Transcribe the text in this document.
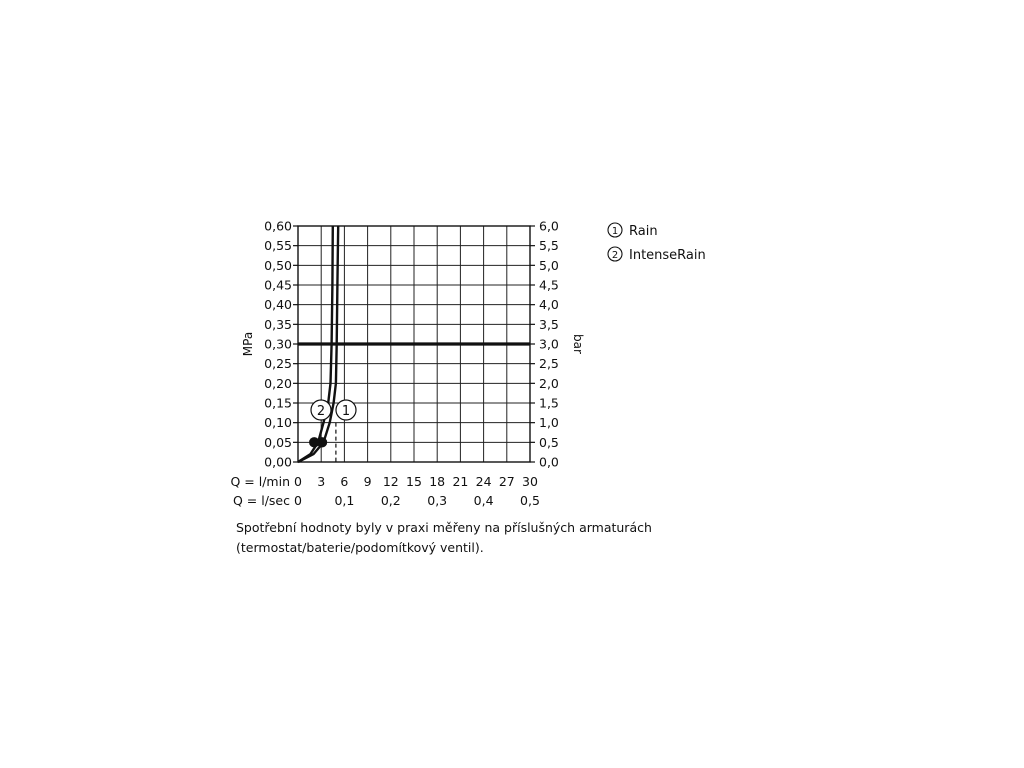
1
2
0,00	0,0
0,05	0,5
0,10	1,0
0,15	1,5
0,20	2,0
0,25	2,5
0,30	3,0
0,35	3,5
0,40	4,0
0,45	4,5
0,50	5,0
0,55	5,5
0,60	6,0
MPa	bar
Q = l/min 0 3 6 9 12 15 18 21 24 27 30
Q = l/sec 0	0,1 0,2 0,3 0,4 0,5
1 Rain
2 IntenseRain
Spotřební hodnoty byly v praxi měřeny na příslušných armaturách (termostat/baterie/podomítkový ventil).
